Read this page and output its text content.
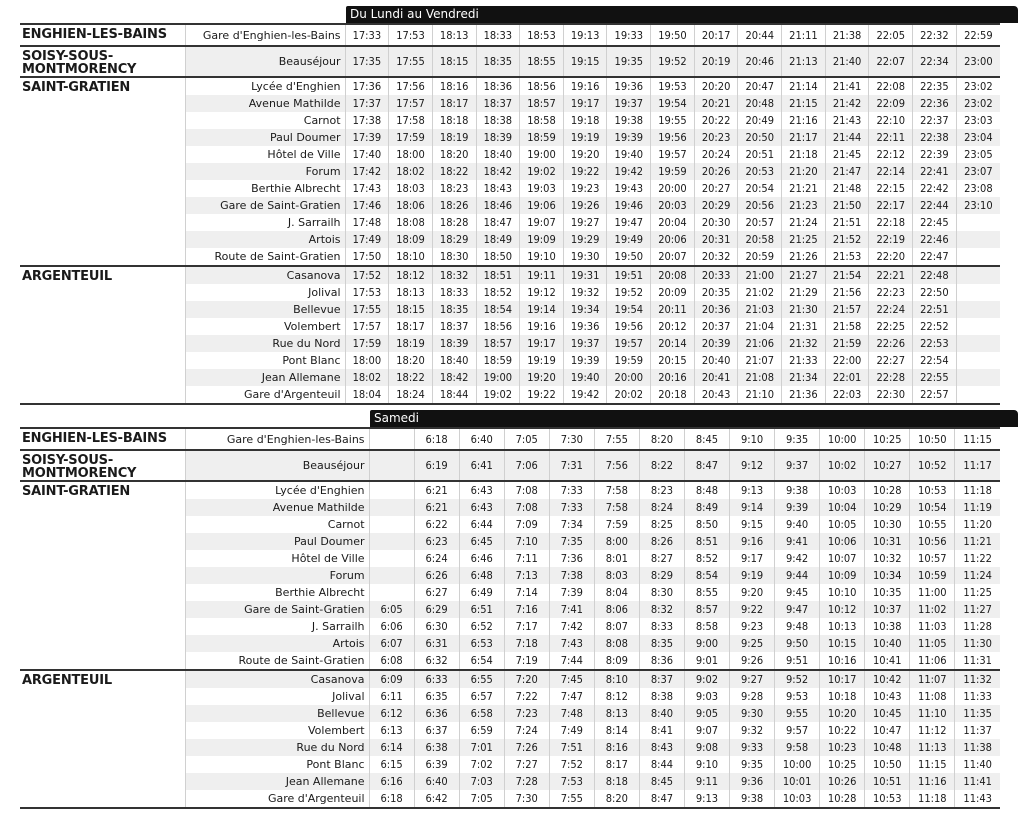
Du Lundi au Vendredi
ENGHIEN-LES-BAINS	Gare d'Enghien-les-Bains	17:33	17:53	18:13	18:33	18:53	19:13	19:33	19:50	20:17	20:44	21:11	21:38	22:05	22:32	22:59
SOISY-SOUS-MONTMORENCY	Beauséjour	17:35	17:55	18:15	18:35	18:55	19:15	19:35	19:52	20:19	20:46	21:13	21:40	22:07	22:34	23:00
SAINT-GRATIEN	Lycée d'Enghien	17:36	17:56	18:16	18:36	18:56	19:16	19:36	19:53	20:20	20:47	21:14	21:41	22:08	22:35	23:02
	Avenue Mathilde	17:37	17:57	18:17	18:37	18:57	19:17	19:37	19:54	20:21	20:48	21:15	21:42	22:09	22:36	23:02
	Carnot	17:38	17:58	18:18	18:38	18:58	19:18	19:38	19:55	20:22	20:49	21:16	21:43	22:10	22:37	23:03
	Paul Doumer	17:39	17:59	18:19	18:39	18:59	19:19	19:39	19:56	20:23	20:50	21:17	21:44	22:11	22:38	23:04
	Hôtel de Ville	17:40	18:00	18:20	18:40	19:00	19:20	19:40	19:57	20:24	20:51	21:18	21:45	22:12	22:39	23:05
	Forum	17:42	18:02	18:22	18:42	19:02	19:22	19:42	19:59	20:26	20:53	21:20	21:47	22:14	22:41	23:07
	Berthie Albrecht	17:43	18:03	18:23	18:43	19:03	19:23	19:43	20:00	20:27	20:54	21:21	21:48	22:15	22:42	23:08
	Gare de Saint-Gratien	17:46	18:06	18:26	18:46	19:06	19:26	19:46	20:03	20:29	20:56	21:23	21:50	22:17	22:44	23:10
	J. Sarrailh	17:48	18:08	18:28	18:47	19:07	19:27	19:47	20:04	20:30	20:57	21:24	21:51	22:18	22:45	
	Artois	17:49	18:09	18:29	18:49	19:09	19:29	19:49	20:06	20:31	20:58	21:25	21:52	22:19	22:46	
	Route de Saint-Gratien	17:50	18:10	18:30	18:50	19:10	19:30	19:50	20:07	20:32	20:59	21:26	21:53	22:20	22:47	
ARGENTEUIL	Casanova	17:52	18:12	18:32	18:51	19:11	19:31	19:51	20:08	20:33	21:00	21:27	21:54	22:21	22:48	
	Jolival	17:53	18:13	18:33	18:52	19:12	19:32	19:52	20:09	20:35	21:02	21:29	21:56	22:23	22:50	
	Bellevue	17:55	18:15	18:35	18:54	19:14	19:34	19:54	20:11	20:36	21:03	21:30	21:57	22:24	22:51	
	Volembert	17:57	18:17	18:37	18:56	19:16	19:36	19:56	20:12	20:37	21:04	21:31	21:58	22:25	22:52	
	Rue du Nord	17:59	18:19	18:39	18:57	19:17	19:37	19:57	20:14	20:39	21:06	21:32	21:59	22:26	22:53	
	Pont Blanc	18:00	18:20	18:40	18:59	19:19	19:39	19:59	20:15	20:40	21:07	21:33	22:00	22:27	22:54	
	Jean Allemane	18:02	18:22	18:42	19:00	19:20	19:40	20:00	20:16	20:41	21:08	21:34	22:01	22:28	22:55	
	Gare d'Argenteuil	18:04	18:24	18:44	19:02	19:22	19:42	20:02	20:18	20:43	21:10	21:36	22:03	22:30	22:57	
Samedi
ENGHIEN-LES-BAINS	Gare d'Enghien-les-Bains		6:18	6:40	7:05	7:30	7:55	8:20	8:45	9:10	9:35	10:00	10:25	10:50	11:15
SOISY-SOUS-MONTMORENCY	Beauséjour		6:19	6:41	7:06	7:31	7:56	8:22	8:47	9:12	9:37	10:02	10:27	10:52	11:17
SAINT-GRATIEN	Lycée d'Enghien		6:21	6:43	7:08	7:33	7:58	8:23	8:48	9:13	9:38	10:03	10:28	10:53	11:18
	Avenue Mathilde		6:21	6:43	7:08	7:33	7:58	8:24	8:49	9:14	9:39	10:04	10:29	10:54	11:19
	Carnot		6:22	6:44	7:09	7:34	7:59	8:25	8:50	9:15	9:40	10:05	10:30	10:55	11:20
	Paul Doumer		6:23	6:45	7:10	7:35	8:00	8:26	8:51	9:16	9:41	10:06	10:31	10:56	11:21
	Hôtel de Ville		6:24	6:46	7:11	7:36	8:01	8:27	8:52	9:17	9:42	10:07	10:32	10:57	11:22
	Forum		6:26	6:48	7:13	7:38	8:03	8:29	8:54	9:19	9:44	10:09	10:34	10:59	11:24
	Berthie Albrecht		6:27	6:49	7:14	7:39	8:04	8:30	8:55	9:20	9:45	10:10	10:35	11:00	11:25
	Gare de Saint-Gratien	6:05	6:29	6:51	7:16	7:41	8:06	8:32	8:57	9:22	9:47	10:12	10:37	11:02	11:27
	J. Sarrailh	6:06	6:30	6:52	7:17	7:42	8:07	8:33	8:58	9:23	9:48	10:13	10:38	11:03	11:28
	Artois	6:07	6:31	6:53	7:18	7:43	8:08	8:35	9:00	9:25	9:50	10:15	10:40	11:05	11:30
	Route de Saint-Gratien	6:08	6:32	6:54	7:19	7:44	8:09	8:36	9:01	9:26	9:51	10:16	10:41	11:06	11:31
ARGENTEUIL	Casanova	6:09	6:33	6:55	7:20	7:45	8:10	8:37	9:02	9:27	9:52	10:17	10:42	11:07	11:32
	Jolival	6:11	6:35	6:57	7:22	7:47	8:12	8:38	9:03	9:28	9:53	10:18	10:43	11:08	11:33
	Bellevue	6:12	6:36	6:58	7:23	7:48	8:13	8:40	9:05	9:30	9:55	10:20	10:45	11:10	11:35
	Volembert	6:13	6:37	6:59	7:24	7:49	8:14	8:41	9:07	9:32	9:57	10:22	10:47	11:12	11:37
	Rue du Nord	6:14	6:38	7:01	7:26	7:51	8:16	8:43	9:08	9:33	9:58	10:23	10:48	11:13	11:38
	Pont Blanc	6:15	6:39	7:02	7:27	7:52	8:17	8:44	9:10	9:35	10:00	10:25	10:50	11:15	11:40
	Jean Allemane	6:16	6:40	7:03	7:28	7:53	8:18	8:45	9:11	9:36	10:01	10:26	10:51	11:16	11:41
	Gare d'Argenteuil	6:18	6:42	7:05	7:30	7:55	8:20	8:47	9:13	9:38	10:03	10:28	10:53	11:18	11:43
